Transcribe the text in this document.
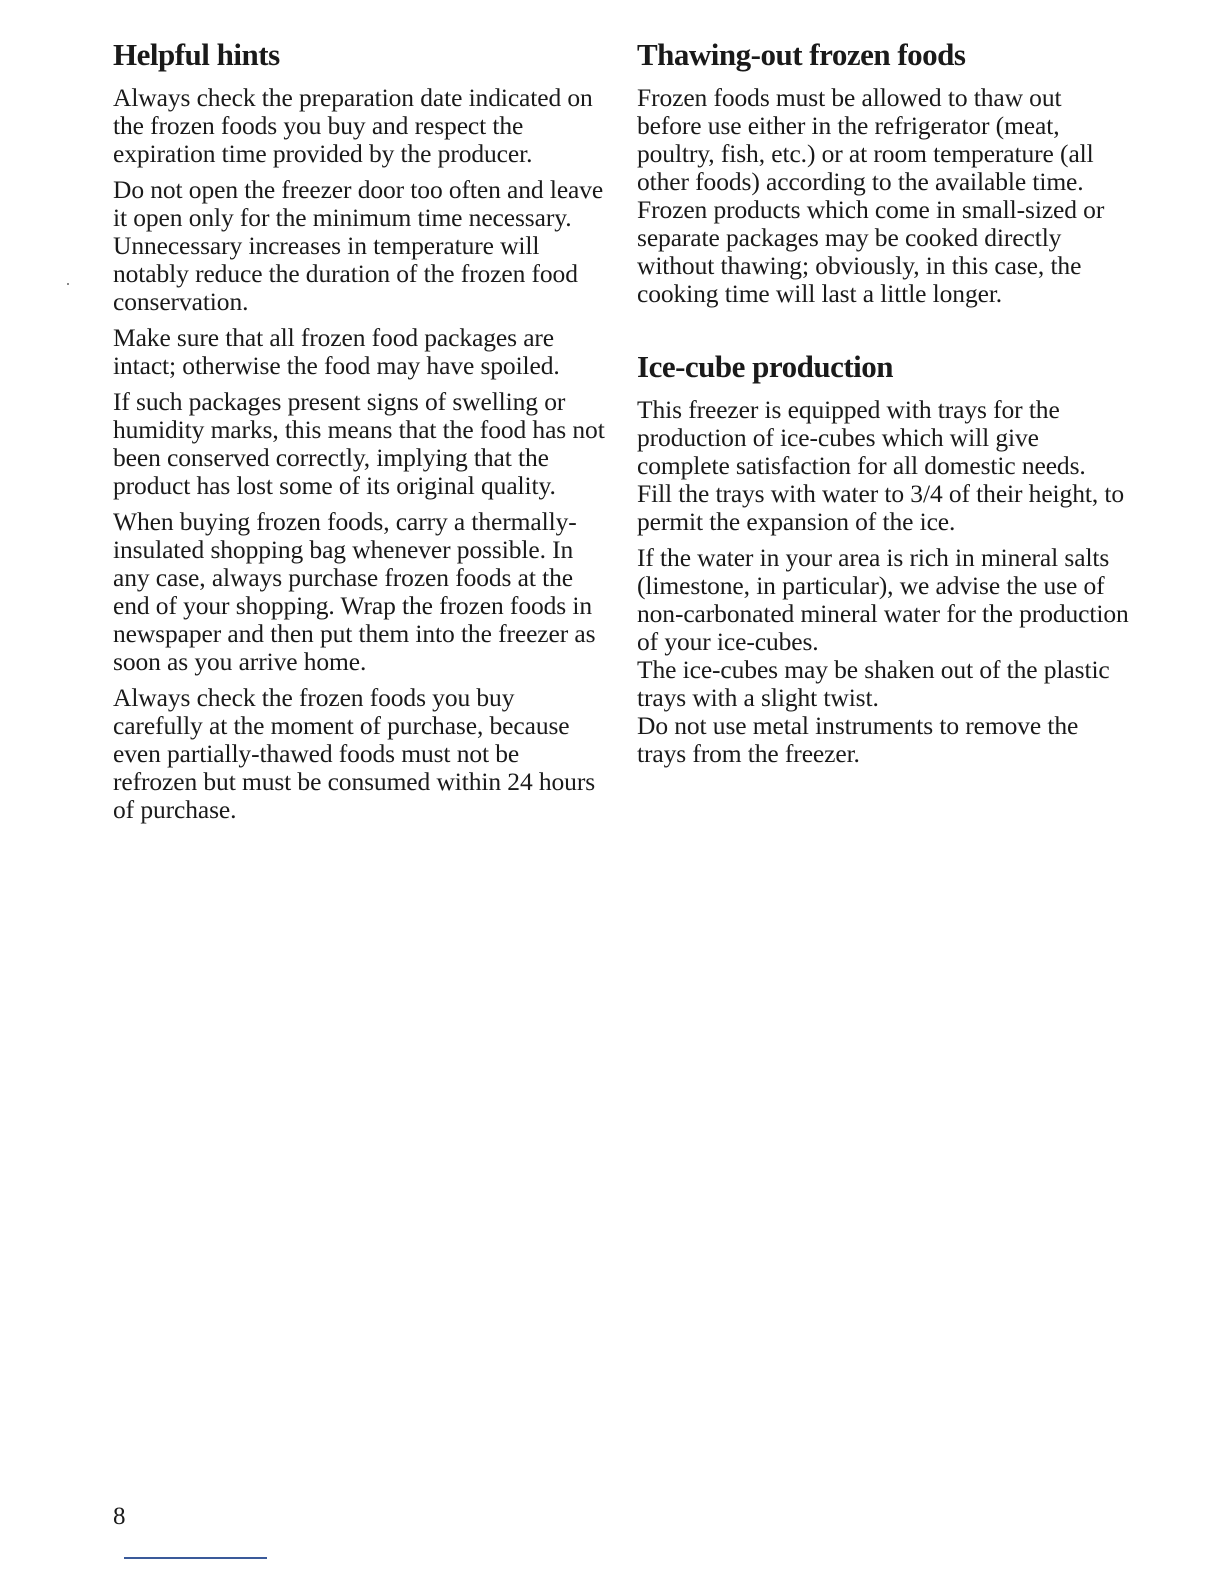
Helpful hints

Always check the preparation date indicated on the frozen foods you buy and respect the expiration time provided by the producer.

Do not open the freezer door too often and leave it open only for the minimum time necessary. Unnecessary increases in temperature will notably reduce the duration of the frozen food conservation.

Make sure that all frozen food packages are intact; otherwise the food may have spoiled.

If such packages present signs of swelling or humidity marks, this means that the food has not been conserved correctly, implying that the product has lost some of its original quality.

When buying frozen foods, carry a thermally-insulated shopping bag whenever possible. In any case, always purchase frozen foods at the end of your shopping. Wrap the frozen foods in newspaper and then put them into the freezer as soon as you arrive home.

Always check the frozen foods you buy carefully at the moment of purchase, because even partially-thawed foods must not be refrozen but must be consumed within 24 hours of purchase.

Thawing-out frozen foods

Frozen foods must be allowed to thaw out before use either in the refrigerator (meat, poultry, fish, etc.) or at room temperature (all other foods) according to the available time.

Frozen products which come in small-sized or separate packages may be cooked directly without thawing; obviously, in this case, the cooking time will last a little longer.

Ice-cube production

This freezer is equipped with trays for the production of ice-cubes which will give complete satisfaction for all domestic needs.

Fill the trays with water to 3/4 of their height, to permit the expansion of the ice.

If the water in your area is rich in mineral salts (limestone, in particular), we advise the use of non-carbonated mineral water for the production of your ice-cubes.

The ice-cubes may be shaken out of the plastic trays with a slight twist.

Do not use metal instruments to remove the trays from the freezer.

8
